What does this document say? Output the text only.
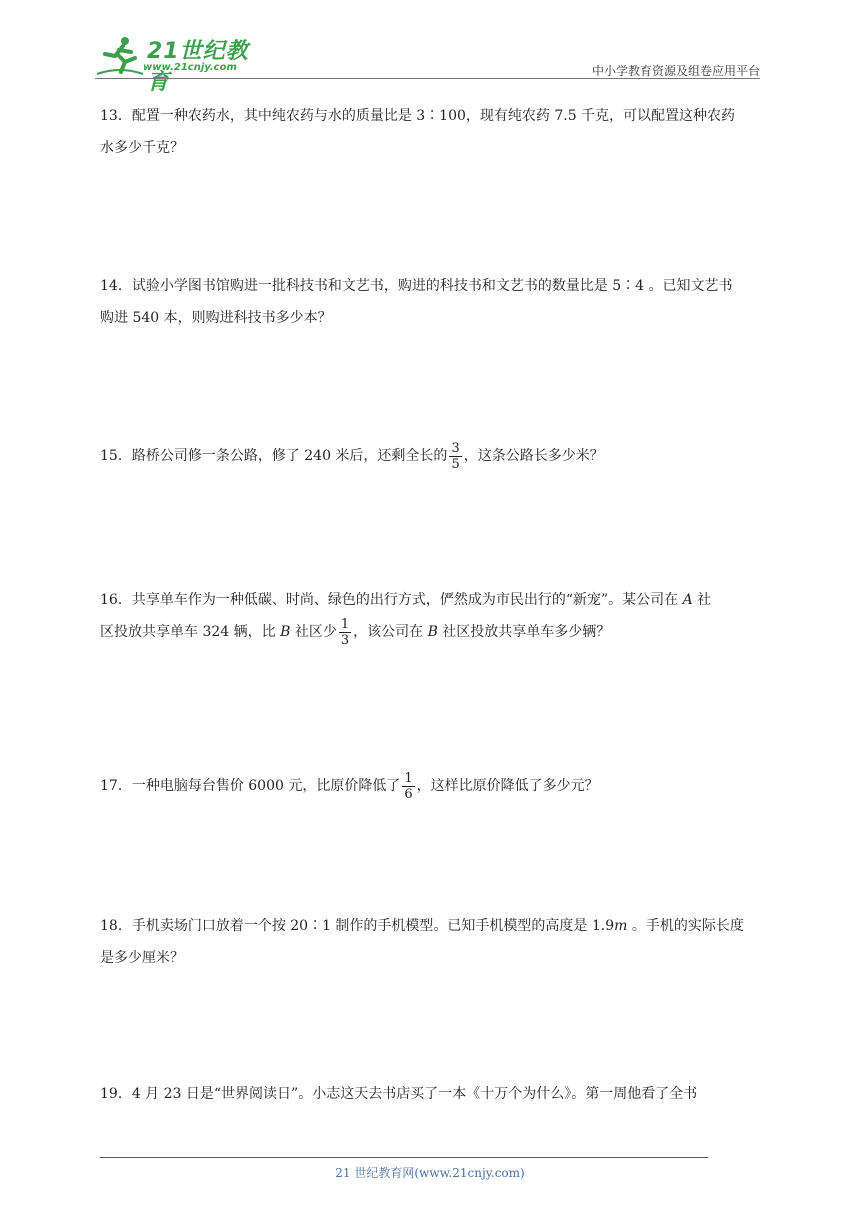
21世纪教育
www.21cnjy.com	中小学教育资源及组卷应用平台

13．配置一种农药水，其中纯农药与水的质量比是 3∶100，现有纯农药 7.5 千克，可以配置这种农药

水多少千克？

14．试验小学图书馆购进一批科技书和文艺书，购进的科技书和文艺书的数量比是 5∶4 。已知文艺书

购进 540 本，则购进科技书多少本？

15．路桥公司修一条公路，修了 240 米后，还剩全长的 $\frac{3}{5}$ ，这条公路长多少米？

16．共享单车作为一种低碳、时尚、绿色的出行方式，俨然成为市民出行的“新宠”。某公司在 A 社

区投放共享单车 324 辆，比 B 社区少 $\frac{1}{3}$ ，该公司在 B 社区投放共享单车多少辆？

17．一种电脑每台售价 6000 元，比原价降低了 $\frac{1}{6}$ ，这样比原价降低了多少元？

18．手机卖场门口放着一个按 20∶1 制作的手机模型。已知手机模型的高度是 1.9m 。手机的实际长度

是多少厘米？

19．4 月 23 日是“世界阅读日”。小志这天去书店买了一本《十万个为什么》。第一周他看了全书

21 世纪教育网(www.21cnjy.com)
